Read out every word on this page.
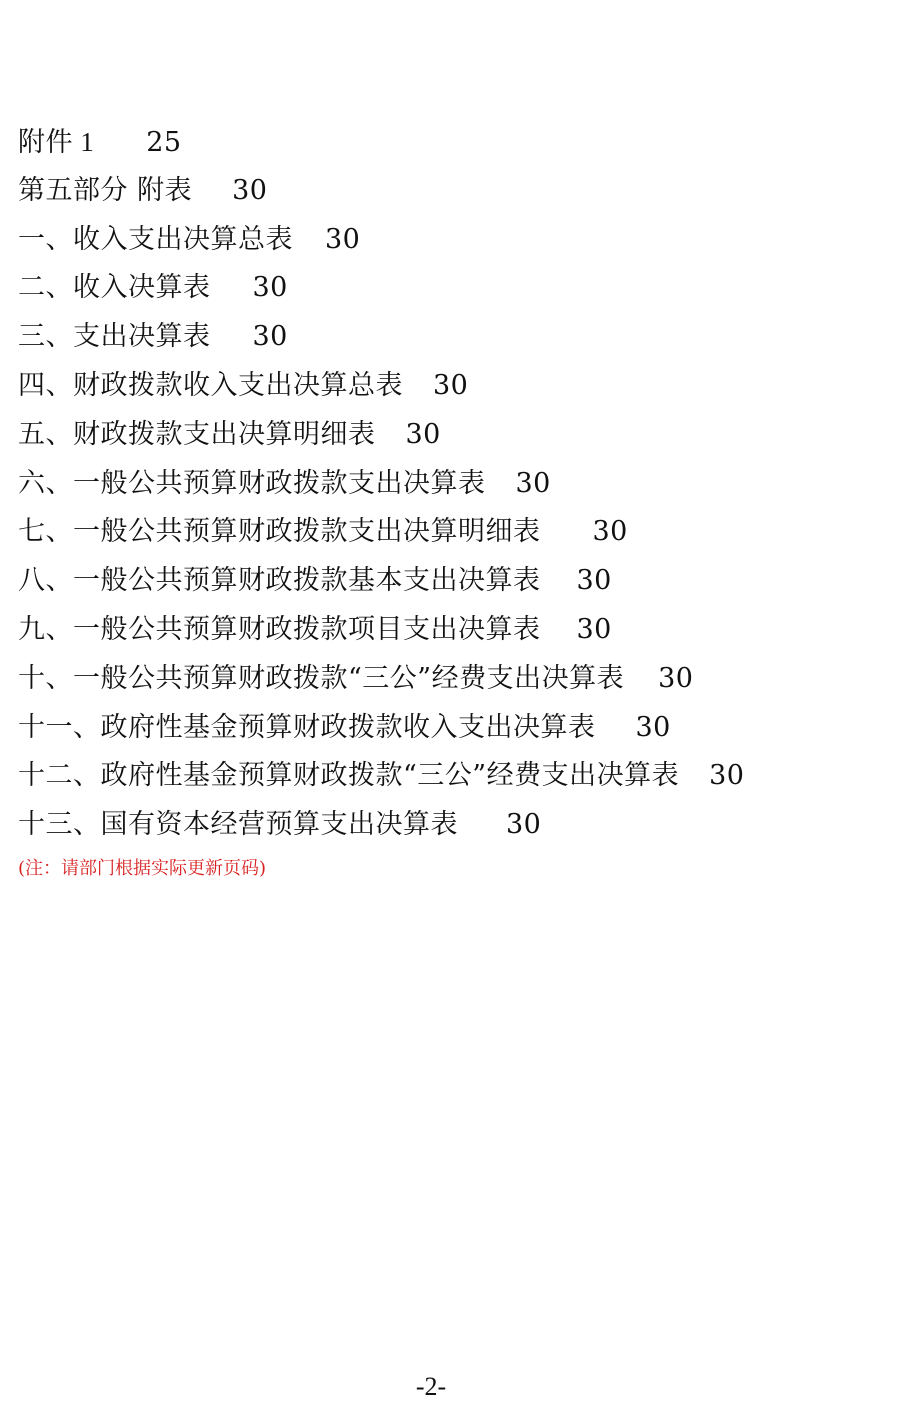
附件 1 25
第五部分 附表 30
一、收入支出决算总表 30
二、收入决算表 30
三、支出决算表 30
四、财政拨款收入支出决算总表 30
五、财政拨款支出决算明细表 30
六、一般公共预算财政拨款支出决算表 30
七、一般公共预算财政拨款支出决算明细表 30
八、一般公共预算财政拨款基本支出决算表 30
九、一般公共预算财政拨款项目支出决算表 30
十、一般公共预算财政拨款“三公”经费支出决算表 30
十一、政府性基金预算财政拨款收入支出决算表 30
十二、政府性基金预算财政拨款“三公”经费支出决算表 30
十三、国有资本经营预算支出决算表 30
(注：请部门根据实际更新页码)
-2-
